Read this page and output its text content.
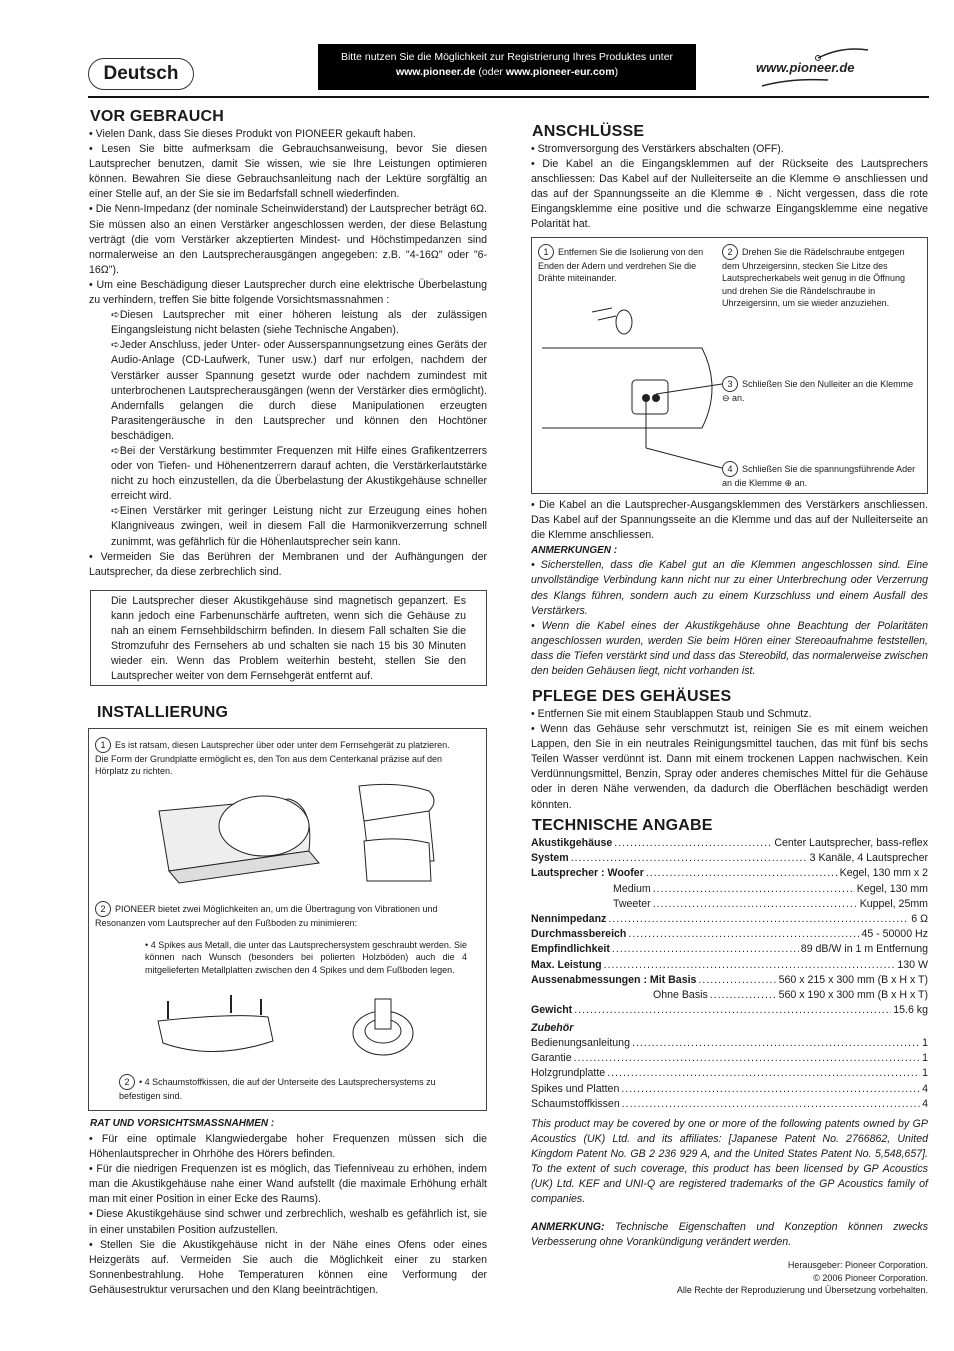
Deutsch
Bitte nutzen Sie die Möglichkeit zur Registrierung Ihres Produktes unter
www.pioneer.de (oder www.pioneer-eur.com)	www.pioneer.de
VOR GEBRAUCH
• Vielen Dank, dass Sie dieses Produkt von PIONEER gekauft haben.
• Lesen Sie bitte aufmerksam die Gebrauchsanweisung, bevor Sie diesen Lautsprecher benutzen, damit Sie wissen, wie sie Ihre Leistungen optimieren können. Bewahren Sie diese Gebrauchsanleitung nach der Lektüre sorgfältig an einer Stelle auf, an der Sie sie im Bedarfsfall schnell wiederfinden.
• Die Nenn-Impedanz (der nominale Scheinwiderstand) der Lautsprecher beträgt 6Ω. Sie müssen also an einen Verstärker angeschlossen werden, der diese Belastung verträgt (die vom Verstärker akzeptierten Mindest- und Höchstimpedanzen sind normalerweise an den Lautsprecherausgängen angegeben: z.B. "4-16Ω" oder "6-16Ω").
• Um eine Beschädigung dieser Lautsprecher durch eine elektrische Überbelastung zu verhindern, treffen Sie bitte folgende Vorsichtsmassnahmen :
➪Diesen Lautsprecher mit einer höheren leistung als der zulässigen Eingangsleistung nicht belasten (siehe Technische Angaben).
➪Jeder Anschluss, jeder Unter- oder Ausserspannungsetzung eines Geräts der Audio-Anlage (CD-Laufwerk, Tuner usw.) darf nur erfolgen, nachdem der Verstärker ausser Spannung gesetzt wurde oder nachdem zumindest mit unterbrochenen Lautsprecherausgängen (wenn der Verstärker dies ermöglicht). Andernfalls gelangen die durch diese Manipulationen erzeugten Parasitengeräusche in den Lautsprecher und können den Hochtöner beschädigen.
➪Bei der Verstärkung bestimmter Frequenzen mit Hilfe eines Grafikentzerrers oder von Tiefen- und Höhenentzerrern darauf achten, die Verstärkerlautstärke nicht zu hoch einzustellen, da die Überbelastung der Akustikgehäuse schneller erreicht wird.
➪Einen Verstärker mit geringer Leistung nicht zur Erzeugung eines hohen Klangniveaus zwingen, weil in diesem Fall die Harmonikverzerrung schnell zunimmt, was gefährlich für die Höhenlautsprecher sein kann.
• Vermeiden Sie das Berühren der Membranen und der Aufhängungen der Lautsprecher, da diese zerbrechlich sind.
Die Lautsprecher dieser Akustikgehäuse sind magnetisch gepanzert. Es kann jedoch eine Farbenunschärfe auftreten, wenn sich die Gehäuse zu nah an einem Fernsehbildschirm befinden. In diesem Fall schalten Sie die Stromzufuhr des Fernsehers ab und schalten sie nach 15 bis 30 Minuten wieder ein. Wenn das Problem weiterhin besteht, stellen Sie den Lautsprecher weiter von dem Fernsehgerät entfernt auf.
INSTALLIERUNG
1 Es ist ratsam, diesen Lautsprecher über oder unter dem Fernsehgerät zu platzieren. Die Form der Grundplatte ermöglicht es, den Ton aus dem Centerkanal präzise auf den Hörplatz zu richten.
2 PIONEER bietet zwei Möglichkeiten an, um die Übertragung von Vibrationen und Resonanzen vom Lautsprecher auf den Fußboden zu minimieren:
• 4 Spikes aus Metall, die unter das Lautsprechersystem geschraubt werden. Sie können nach Wunsch (besonders bei polierten Holzböden) auch die 4 mitgelieferten Metallplatten zwischen den 4 Spikes und dem Fußboden legen.
2 • 4 Schaumstoffkissen, die auf der Unterseite des Lautsprechersystems zu befestigen sind.
RAT UND VORSICHTSMASSNAHMEN :
• Für eine optimale Klangwiedergabe hoher Frequenzen müssen sich die Höhenlautsprecher in Ohrhöhe des Hörers befinden.
• Für die niedrigen Frequenzen ist es möglich, das Tiefenniveau zu erhöhen, indem man die Akustikgehäuse nahe einer Wand aufstellt (die maximale Erhöhung erhält man mit einer Position in einer Ecke des Raums).
• Diese Akustikgehäuse sind schwer und zerbrechlich, weshalb es gefährlich ist, sie in einer unstabilen Position aufzustellen.
• Stellen Sie die Akustikgehäuse nicht in der Nähe eines Ofens oder eines Heizgeräts auf. Vermeiden Sie auch die Möglichkeit einer zu starken Sonnenbestrahlung. Hohe Temperaturen können eine Verformung der Gehäusestruktur verursachen und den Klang beeinträchtigen.
ANSCHLÜSSE
• Stromversorgung des Verstärkers abschalten (OFF).
• Die Kabel an die Eingangsklemmen auf der Rückseite des Lautsprechers anschliessen: Das Kabel auf der Nulleiterseite an die Klemme ⊖ anschliessen und das auf der Spannungsseite an die Klemme ⊕ . Nicht vergessen, dass die rote Eingangsklemme eine positive und die schwarze Eingangsklemme eine negative Polarität hat.
1 Entfernen Sie die Isolierung von den Enden der Adern und verdrehen Sie die Drähte miteinander.
2 Drehen Sie die Rädelschraube entgegen dem Uhrzeigersinn, stecken Sie Litze des Lautsprecherkabels weit genug in die Öffnung und drehen Sie die Rändelschraube in Uhrzeigersinn, um sie wieder anzuziehen.
3 Schließen Sie den Nulleiter an die Klemme ⊖ an.
4 Schließen Sie die spannungsführende Ader an die Klemme ⊕ an.
• Die Kabel an die Lautsprecher-Ausgangsklemmen des Verstärkers anschliessen. Das Kabel auf der Spannungsseite an die Klemme und das auf der Nulleiterseite an die Klemme anschliessen.
ANMERKUNGEN :
• Sicherstellen, dass die Kabel gut an die Klemmen angeschlossen sind. Eine unvollständige Verbindung kann nicht nur zu einer Unterbrechung oder Verzerrung des Klangs führen, sondern auch zu einem Kurzschluss und einem Ausfall des Verstärkers.
• Wenn die Kabel eines der Akustikgehäuse ohne Beachtung der Polaritäten angeschlossen wurden, werden Sie beim Hören einer Stereoaufnahme feststellen, dass die Tiefen verstärkt sind und dass das Stereobild, das normalerweise zwischen den beiden Gehäusen liegt, nicht vorhanden ist.
PFLEGE DES GEHÄUSES
• Entfernen Sie mit einem Staublappen Staub und Schmutz.
• Wenn das Gehäuse sehr verschmutzt ist, reinigen Sie es mit einem weichen Lappen, den Sie in ein neutrales Reinigungsmittel tauchen, das mit fünf bis sechs Teilen Wasser verdünnt ist. Dann mit einem trockenen Lappen nachwischen. Kein Verdünnungsmittel, Benzin, Spray oder anderes chemisches Mittel für die Gehäuse oder in deren Nähe verwenden, da dadurch die Oberflächen beschädigt werden könnten.
TECHNISCHE ANGABE
Akustikgehäuse .....	Center Lautsprecher, bass-reflex
System .....	3 Kanäle, 4 Lautsprecher
Lautsprecher : Woofer .....	Kegel, 130 mm x 2
Medium .....	Kegel, 130 mm
Tweeter .....	Kuppel, 25mm
Nennimpedanz .....	6 Ω
Durchmassbereich .....	45 - 50000 Hz
Empfindlichkeit .....	89 dB/W in 1 m Entfernung
Max. Leistung .....	130 W
Aussenabmessungen : Mit Basis .....	560 x 215 x 300 mm (B x H x T)
Ohne Basis .....	560 x 190 x 300 mm (B x H x T)
Gewicht .....	15.6 kg
Zubehör
Bedienungsanleitung .....	1
Garantie .....	1
Holzgrundplatte .....	1
Spikes und Platten .....	4
Schaumstoffkissen .....	4
This product may be covered by one or more of the following patents owned by GP Acoustics (UK) Ltd. and its affiliates: [Japanese Patent No. 2766862, United Kingdom Patent No. GB 2 236 929 A, and the United States Patent No. 5,548,657]. To the extent of such coverage, this product has been licensed by GP Acoustics (UK) Ltd. KEF and UNI-Q are registered trademarks of the GP Acoustics family of companies.
ANMERKUNG: Technische Eigenschaften und Konzeption können zwecks Verbesserung ohne Vorankündigung verändert werden.
Herausgeber: Pioneer Corporation.
© 2006 Pioneer Corporation.
Alle Rechte der Reproduzierung und Übersetzung vorbehalten.
